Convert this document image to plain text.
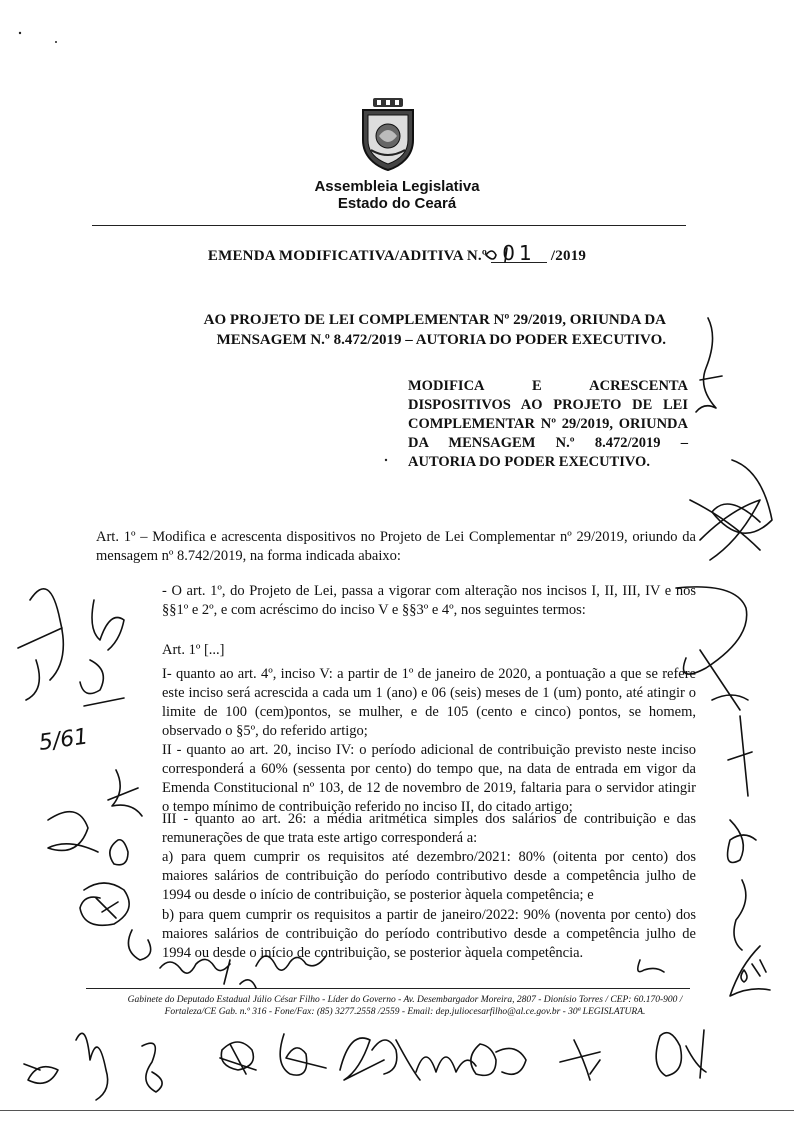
Assembleia Legislativa
Estado do Ceará
EMENDA MODIFICATIVA/ADITIVA N.º 01 /2019
AO PROJETO DE LEI COMPLEMENTAR Nº 29/2019, ORIUNDA DA MENSAGEM N.º 8.472/2019 – AUTORIA DO PODER EXECUTIVO.
MODIFICA E ACRESCENTA DISPOSITIVOS AO PROJETO DE LEI COMPLEMENTAR Nº 29/2019, ORIUNDA DA MENSAGEM N.º 8.472/2019 – AUTORIA DO PODER EXECUTIVO.
Art. 1º – Modifica e acrescenta dispositivos no Projeto de Lei Complementar nº 29/2019, oriundo da mensagem nº 8.742/2019, na forma indicada abaixo:
- O art. 1º, do Projeto de Lei, passa a vigorar com alteração nos incisos I, II, III, IV e nos §§1º e 2º, e com acréscimo do inciso V e §§3º e 4º, nos seguintes termos:
Art. 1º [...]
I- quanto ao art. 4º, inciso V: a partir de 1º de janeiro de 2020, a pontuação a que se refere este inciso será acrescida a cada um 1 (ano) e 06 (seis) meses de 1 (um) ponto, até atingir o limite de 100 (cem)pontos, se mulher, e de 105 (cento e cinco) pontos, se homem, observado o §5º, do referido artigo;
II - quanto ao art. 20, inciso IV: o período adicional de contribuição previsto neste inciso corresponderá a 60% (sessenta por cento) do tempo que, na data de entrada em vigor da Emenda Constitucional nº 103, de 12 de novembro de 2019, faltaria para o servidor atingir o tempo mínimo de contribuição referido no inciso II, do citado artigo;
III - quanto ao art. 26: a média aritmética simples dos salários de contribuição e das remunerações de que trata este artigo corresponderá a:
a) para quem cumprir os requisitos até dezembro/2021: 80% (oitenta por cento) dos maiores salários de contribuição do período contributivo desde a competência julho de 1994 ou desde o início de contribuição, se posterior àquela competência; e
b) para quem cumprir os requisitos a partir de janeiro/2022: 90% (noventa por cento) dos maiores salários de contribuição do período contributivo desde a competência julho de 1994 ou desde o início de contribuição, se posterior àquela competência.
Gabinete do Deputado Estadual Júlio César Filho - Líder do Governo - Av. Desembargador Moreira, 2807 - Dionísio Torres / CEP: 60.170-900 /
Fortaleza/CE Gab. n.º 316 - Fone/Fax: (85) 3277.2558 /2559 - Email: dep.juliocesarfilho@al.ce.gov.br - 30ª LEGISLATURA.
5/61
